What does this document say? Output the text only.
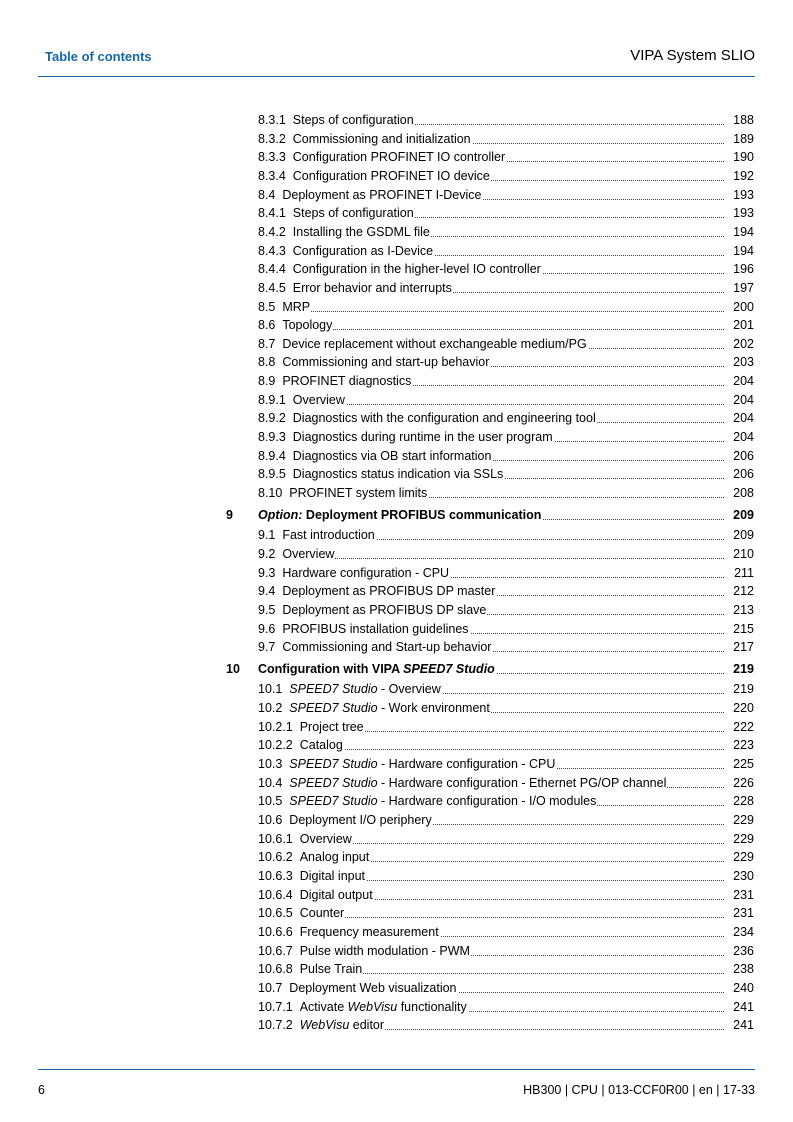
Table of contents	VIPA System SLIO
8.3.1 Steps of configuration	188
8.3.2 Commissioning and initialization	189
8.3.3 Configuration PROFINET IO controller	190
8.3.4 Configuration PROFINET IO device	192
8.4 Deployment as PROFINET I-Device	193
8.4.1 Steps of configuration	193
8.4.2 Installing the GSDML file	194
8.4.3 Configuration as I-Device	194
8.4.4 Configuration in the higher-level IO controller	196
8.4.5 Error behavior and interrupts	197
8.5 MRP	200
8.6 Topology	201
8.7 Device replacement without exchangeable medium/PG	202
8.8 Commissioning and start-up behavior	203
8.9 PROFINET diagnostics	204
8.9.1 Overview	204
8.9.2 Diagnostics with the configuration and engineering tool	204
8.9.3 Diagnostics during runtime in the user program	204
8.9.4 Diagnostics via OB start information	206
8.9.5 Diagnostics status indication via SSLs	206
8.10 PROFINET system limits	208
9	Option: Deployment PROFIBUS communication	209
9.1 Fast introduction	209
9.2 Overview	210
9.3 Hardware configuration - CPU	211
9.4 Deployment as PROFIBUS DP master	212
9.5 Deployment as PROFIBUS DP slave	213
9.6 PROFIBUS installation guidelines	215
9.7 Commissioning and Start-up behavior	217
10	Configuration with VIPA SPEED7 Studio	219
10.1 SPEED7 Studio - Overview	219
10.2 SPEED7 Studio - Work environment	220
10.2.1 Project tree	222
10.2.2 Catalog	223
10.3 SPEED7 Studio - Hardware configuration - CPU	225
10.4 SPEED7 Studio - Hardware configuration - Ethernet PG/OP channel	226
10.5 SPEED7 Studio - Hardware configuration - I/O modules	228
10.6 Deployment I/O periphery	229
10.6.1 Overview	229
10.6.2 Analog input	229
10.6.3 Digital input	230
10.6.4 Digital output	231
10.6.5 Counter	231
10.6.6 Frequency measurement	234
10.6.7 Pulse width modulation - PWM	236
10.6.8 Pulse Train	238
10.7 Deployment Web visualization	240
10.7.1 Activate WebVisu functionality	241
10.7.2 WebVisu editor	241
6	HB300 | CPU | 013-CCF0R00 | en | 17-33
